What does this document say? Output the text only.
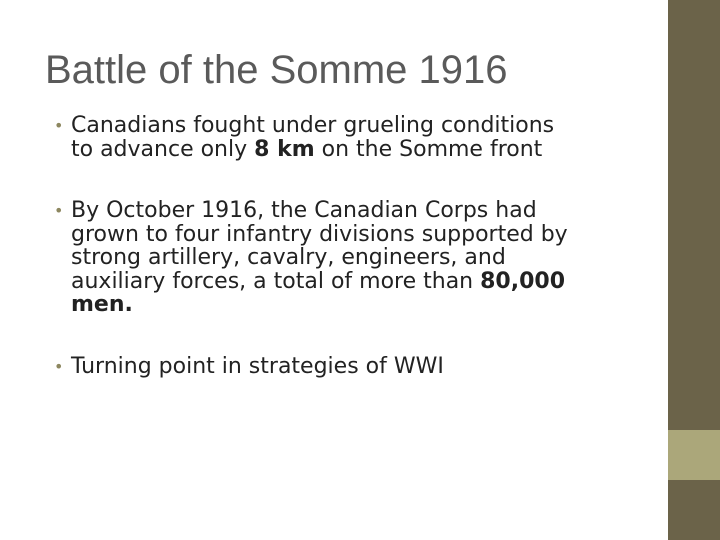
Battle of the Somme 1916
• Canadians fought under grueling conditions
to advance only 8 km on the Somme front
• By October 1916, the Canadian Corps had
grown to four infantry divisions supported by
strong artillery, cavalry, engineers, and
auxiliary forces, a total of more than 80,000
men.
• Turning point in strategies of WWI
